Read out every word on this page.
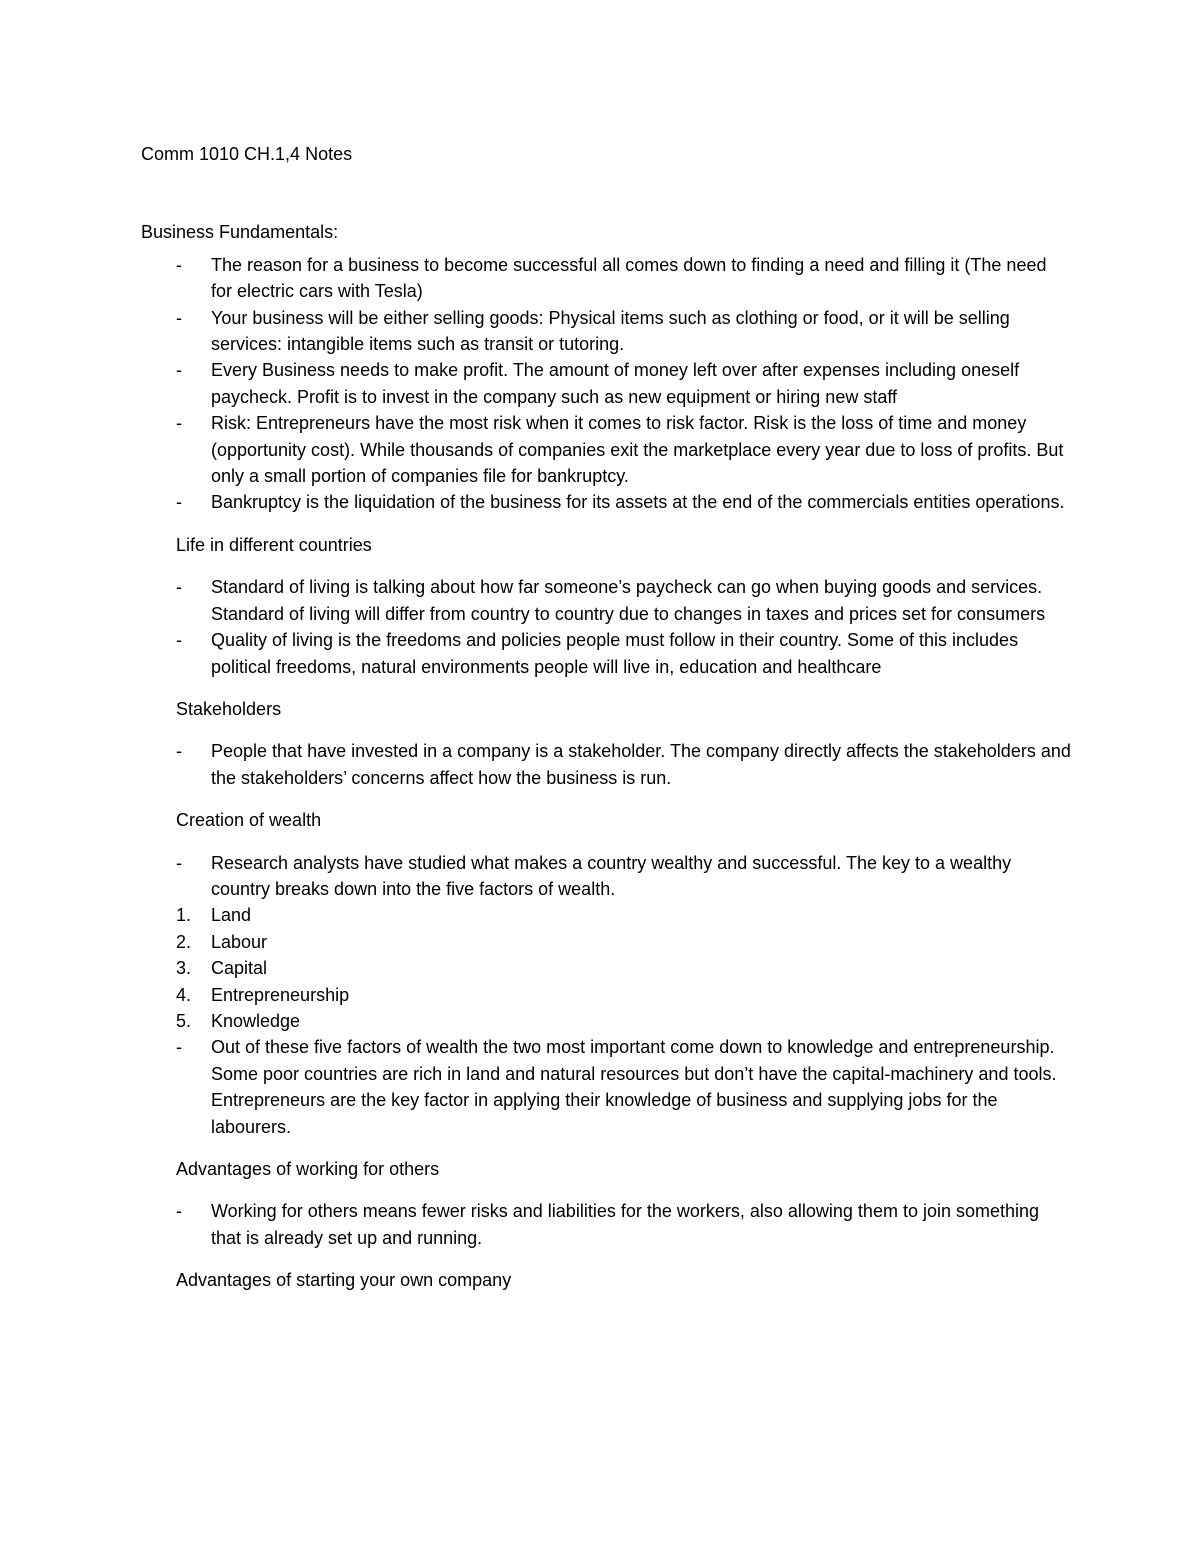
Comm 1010 CH.1,4 Notes

Business Fundamentals:

-	The reason for a business to become successful all comes down to finding a need and filling it (The need for electric cars with Tesla)
-	Your business will be either selling goods: Physical items such as clothing or food, or it will be selling services: intangible items such as transit or tutoring.
-	Every Business needs to make profit. The amount of money left over after expenses including oneself paycheck. Profit is to invest in the company such as new equipment or hiring new staff
-	Risk: Entrepreneurs have the most risk when it comes to risk factor. Risk is the loss of time and money (opportunity cost). While thousands of companies exit the marketplace every year due to loss of profits. But only a small portion of companies file for bankruptcy.
-	Bankruptcy is the liquidation of the business for its assets at the end of the commercials entities operations.

Life in different countries

-	Standard of living is talking about how far someone’s paycheck can go when buying goods and services. Standard of living will differ from country to country due to changes in taxes and prices set for consumers
-	Quality of living is the freedoms and policies people must follow in their country. Some of this includes political freedoms, natural environments people will live in, education and healthcare

Stakeholders

-	People that have invested in a company is a stakeholder. The company directly affects the stakeholders and the stakeholders’ concerns affect how the business is run.

Creation of wealth

-	Research analysts have studied what makes a country wealthy and successful. The key to a wealthy country breaks down into the five factors of wealth.
1.	Land
2.	Labour
3.	Capital
4.	Entrepreneurship
5.	Knowledge
-	Out of these five factors of wealth the two most important come down to knowledge and entrepreneurship. Some poor countries are rich in land and natural resources but don’t have the capital-machinery and tools. Entrepreneurs are the key factor in applying their knowledge of business and supplying jobs for the labourers.

Advantages of working for others

-	Working for others means fewer risks and liabilities for the workers, also allowing them to join something that is already set up and running.

Advantages of starting your own company
